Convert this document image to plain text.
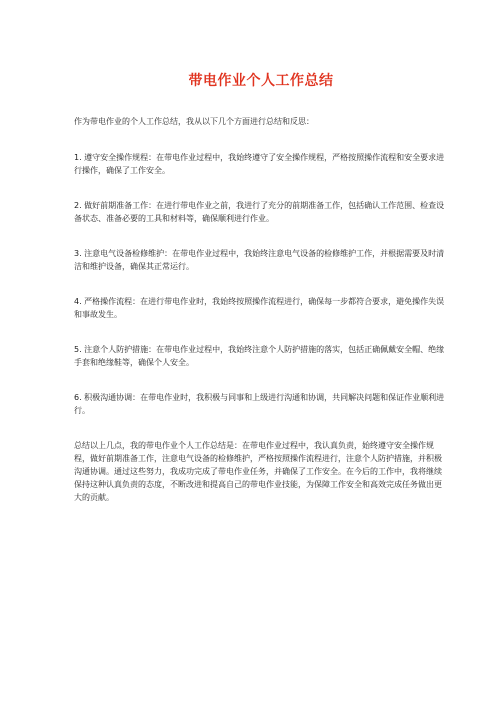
带电作业个人工作总结

作为带电作业的个人工作总结，我从以下几个方面进行总结和反思：

1. 遵守安全操作规程：在带电作业过程中，我始终遵守了安全操作规程，严格按照操作流程和安全要求进行操作，确保了工作安全。

2. 做好前期准备工作：在进行带电作业之前，我进行了充分的前期准备工作，包括确认工作范围、检查设备状态、准备必要的工具和材料等，确保顺利进行作业。

3. 注意电气设备检修维护：在带电作业过程中，我始终注意电气设备的检修维护工作，并根据需要及时清洁和维护设备，确保其正常运行。

4. 严格操作流程：在进行带电作业时，我始终按照操作流程进行，确保每一步都符合要求，避免操作失误和事故发生。

5. 注意个人防护措施：在带电作业过程中，我始终注意个人防护措施的落实，包括正确佩戴安全帽、绝缘手套和绝缘鞋等，确保个人安全。

6. 积极沟通协调：在带电作业时，我积极与同事和上级进行沟通和协调，共同解决问题和保证作业顺利进行。

总结以上几点，我的带电作业个人工作总结是：在带电作业过程中，我认真负责，始终遵守安全操作规程，做好前期准备工作，注意电气设备的检修维护，严格按照操作流程进行，注意个人防护措施，并积极沟通协调。通过这些努力，我成功完成了带电作业任务，并确保了工作安全。在今后的工作中，我将继续保持这种认真负责的态度，不断改进和提高自己的带电作业技能，为保障工作安全和高效完成任务做出更大的贡献。
